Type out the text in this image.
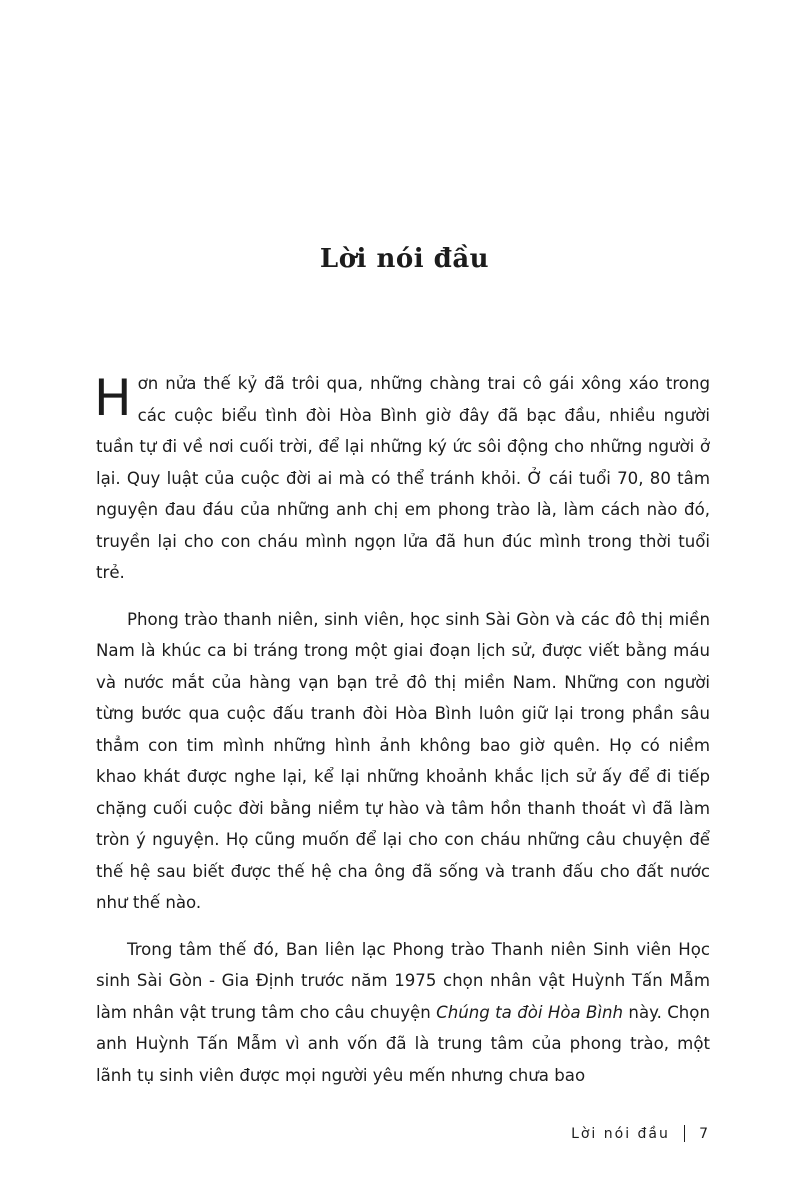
Lời nói đầu

Hơn nửa thế kỷ đã trôi qua, những chàng trai cô gái xông xáo trong các cuộc biểu tình đòi Hòa Bình giờ đây đã bạc đầu, nhiều người tuần tự đi về nơi cuối trời, để lại những ký ức sôi động cho những người ở lại. Quy luật của cuộc đời ai mà có thể tránh khỏi. Ở cái tuổi 70, 80 tâm nguyện đau đáu của những anh chị em phong trào là, làm cách nào đó, truyền lại cho con cháu mình ngọn lửa đã hun đúc mình trong thời tuổi trẻ.

Phong trào thanh niên, sinh viên, học sinh Sài Gòn và các đô thị miền Nam là khúc ca bi tráng trong một giai đoạn lịch sử, được viết bằng máu và nước mắt của hàng vạn bạn trẻ đô thị miền Nam. Những con người từng bước qua cuộc đấu tranh đòi Hòa Bình luôn giữ lại trong phần sâu thẳm con tim mình những hình ảnh không bao giờ quên. Họ có niềm khao khát được nghe lại, kể lại những khoảnh khắc lịch sử ấy để đi tiếp chặng cuối cuộc đời bằng niềm tự hào và tâm hồn thanh thoát vì đã làm tròn ý nguyện. Họ cũng muốn để lại cho con cháu những câu chuyện để thế hệ sau biết được thế hệ cha ông đã sống và tranh đấu cho đất nước như thế nào.

Trong tâm thế đó, Ban liên lạc Phong trào Thanh niên Sinh viên Học sinh Sài Gòn - Gia Định trước năm 1975 chọn nhân vật Huỳnh Tấn Mẫm làm nhân vật trung tâm cho câu chuyện Chúng ta đòi Hòa Bình này. Chọn anh Huỳnh Tấn Mẫm vì anh vốn đã là trung tâm của phong trào, một lãnh tụ sinh viên được mọi người yêu mến nhưng chưa bao

Lời nói đầu 7
